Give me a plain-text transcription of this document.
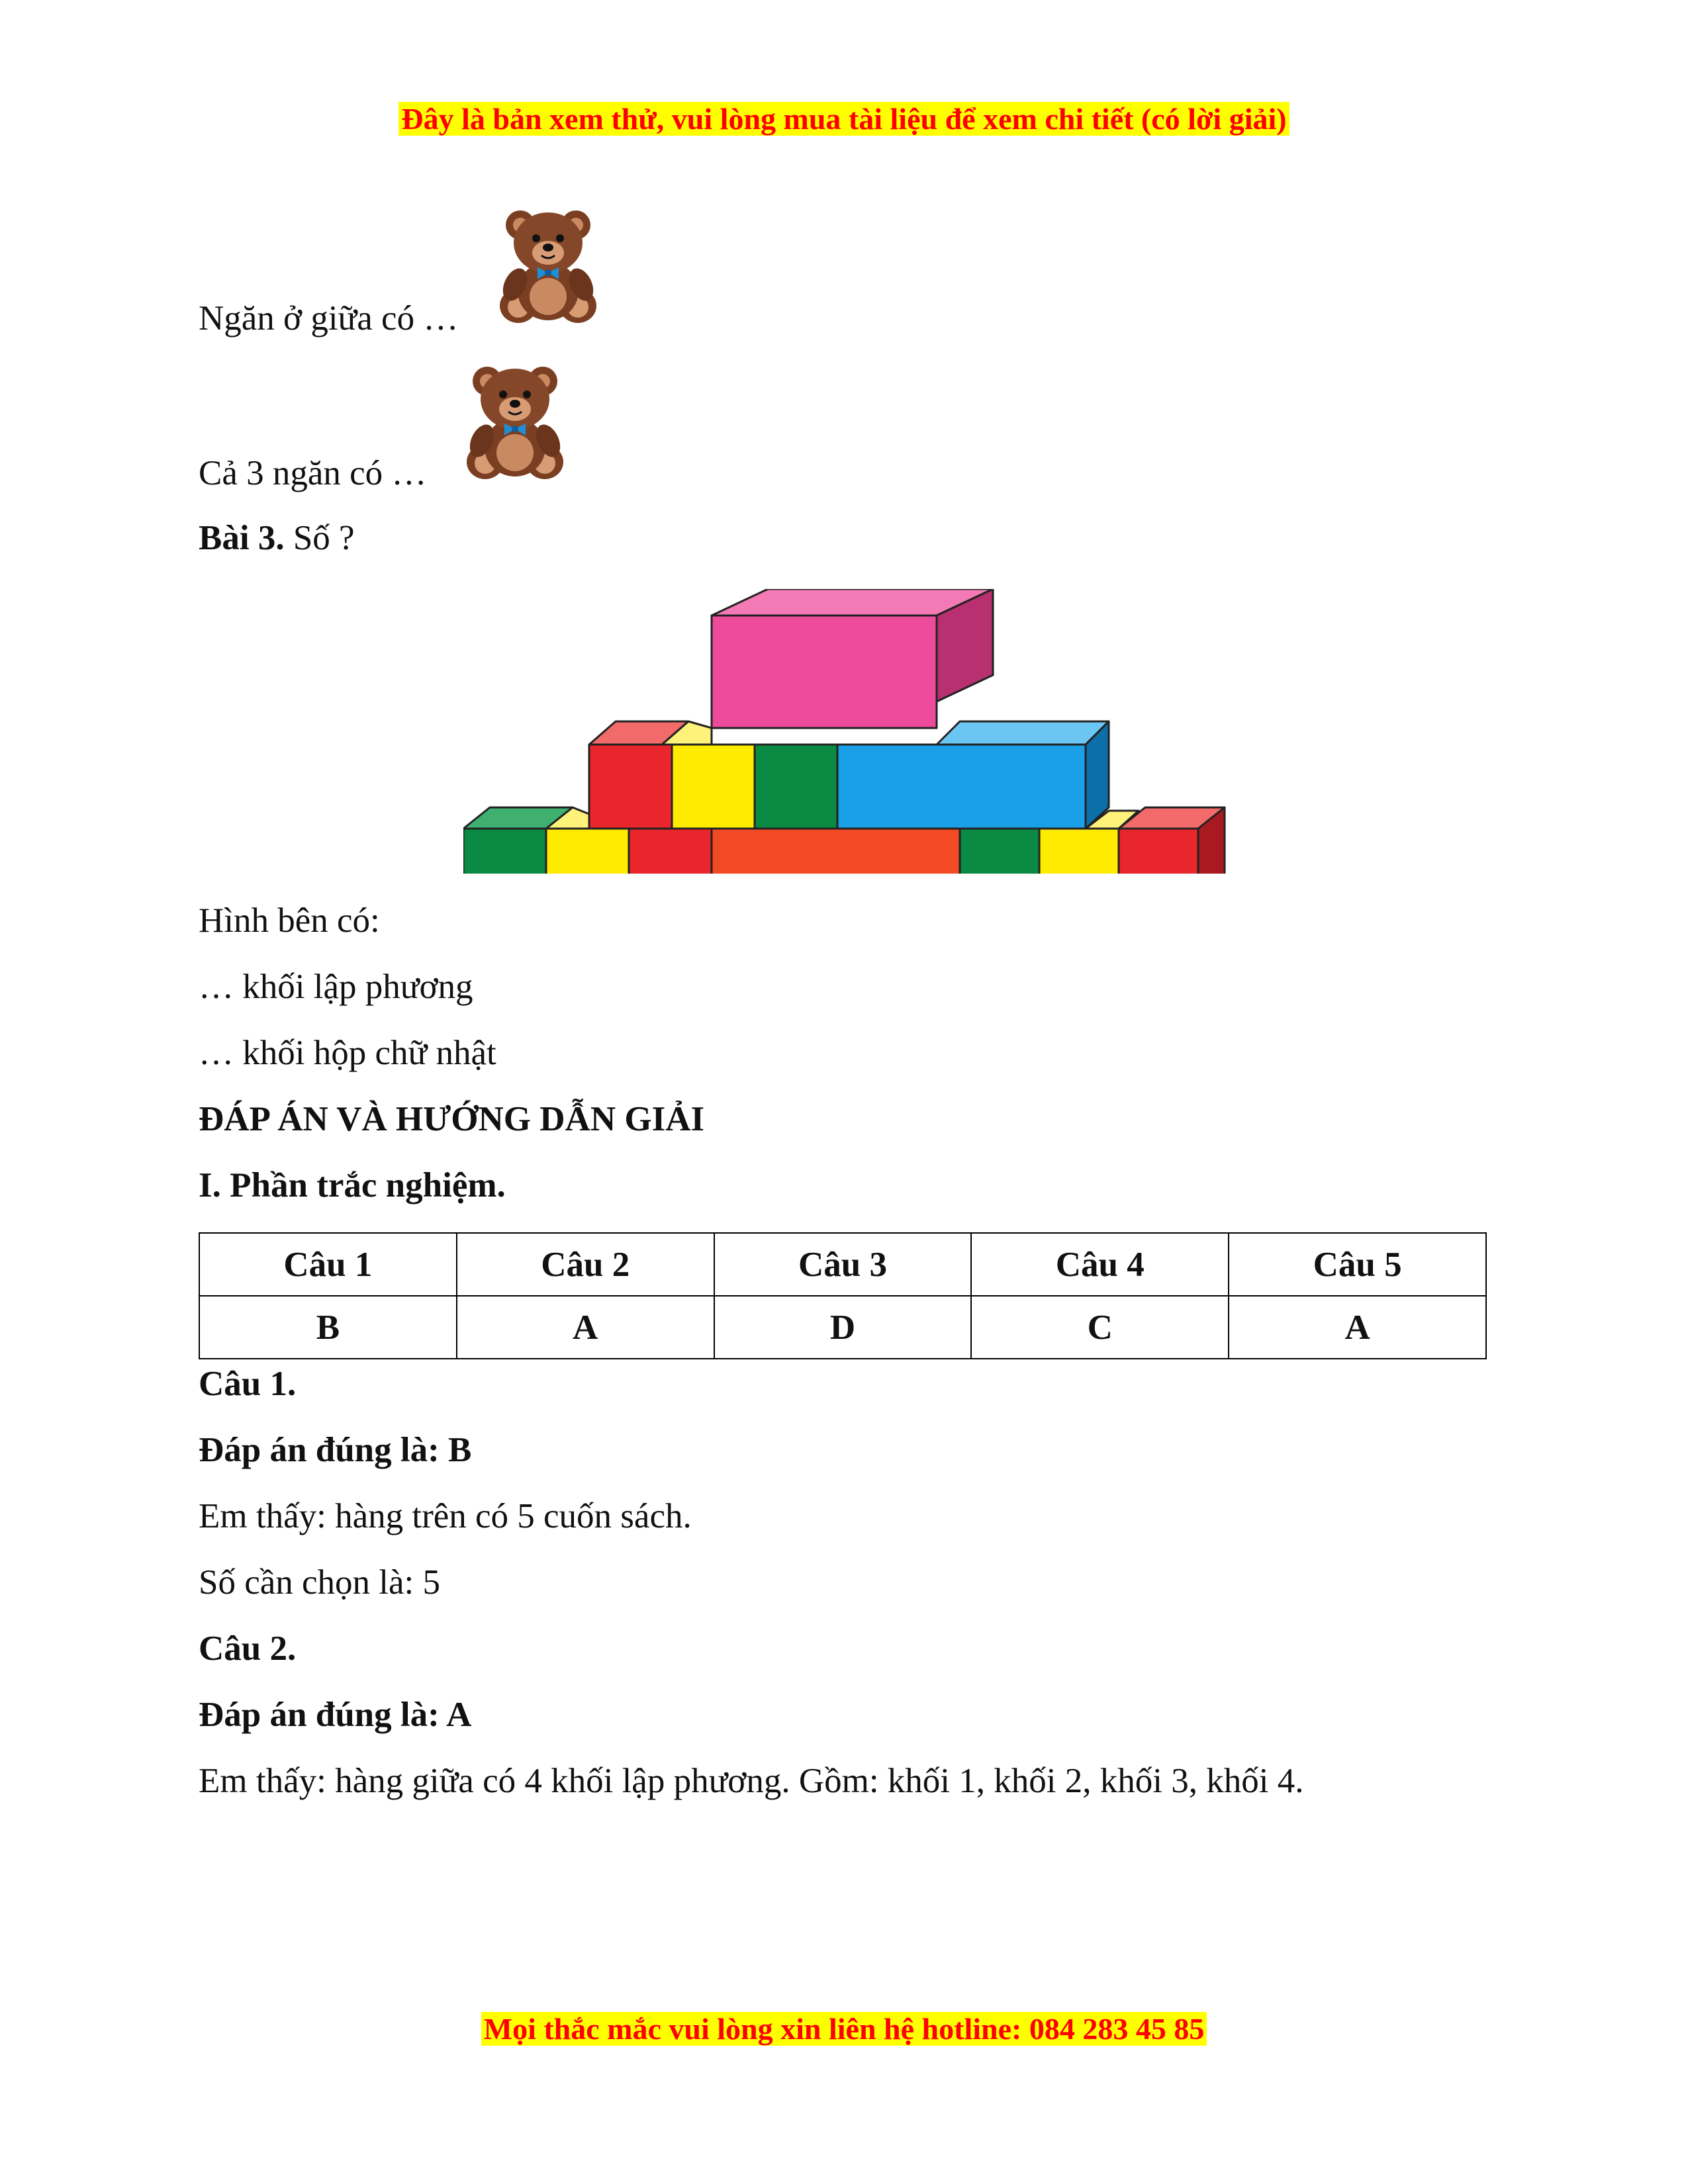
Đây là bản xem thử, vui lòng mua tài liệu để xem chi tiết (có lời giải)
Ngăn ở giữa có …
Cả 3 ngăn có …
Bài 3. Số ?
Hình bên có:
… khối lập phương
… khối hộp chữ nhật
ĐÁP ÁN VÀ HƯỚNG DẪN GIẢI
I. Phần trắc nghiệm.
Câu 1	Câu 2	Câu 3	Câu 4	Câu 5
B	A	D	C	A
Câu 1.
Đáp án đúng là: B
Em thấy: hàng trên có 5 cuốn sách.
Số cần chọn là: 5
Câu 2.
Đáp án đúng là: A
Em thấy: hàng giữa có 4 khối lập phương. Gồm: khối 1, khối 2, khối 3, khối 4.
Mọi thắc mắc vui lòng xin liên hệ hotline: 084 283 45 85
